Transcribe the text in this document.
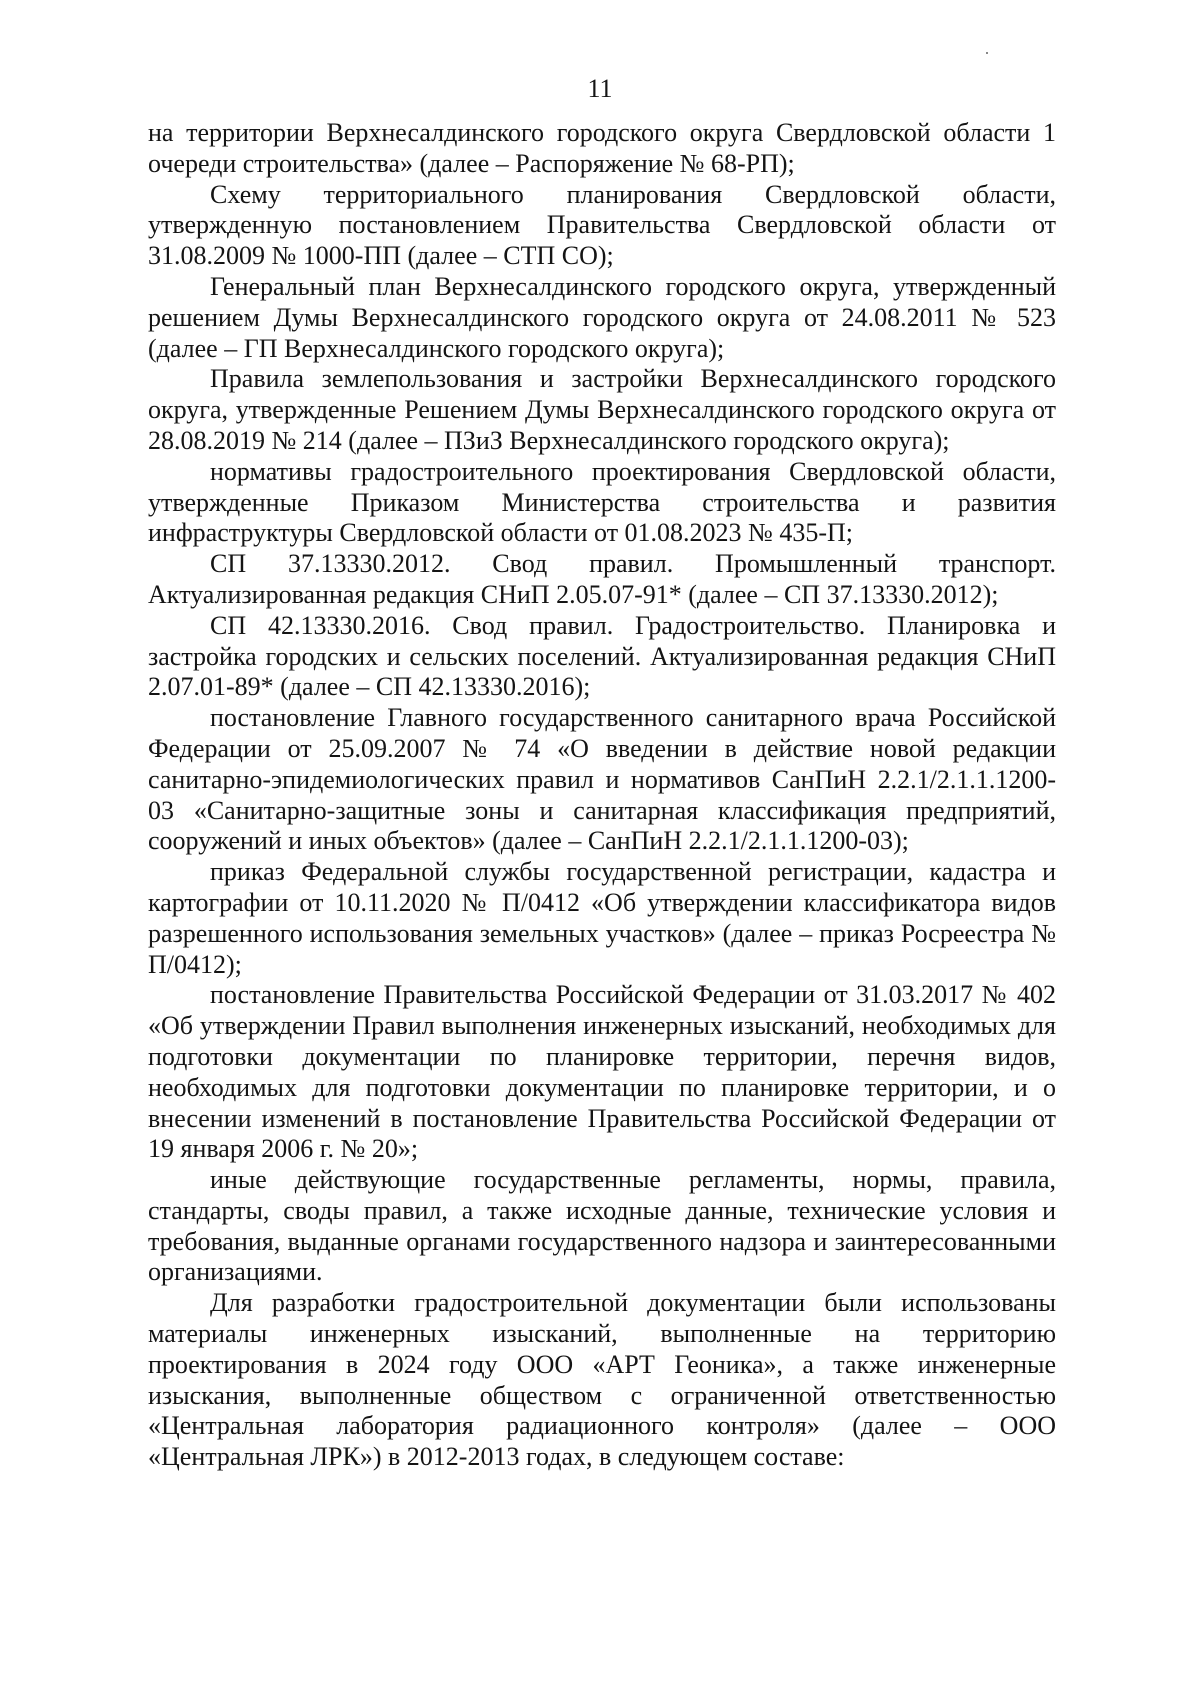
11

на территории Верхнесалдинского городского округа Свердловской области 1 очереди строительства» (далее – Распоряжение № 68-РП);

Схему территориального планирования Свердловской области, утвержденную постановлением Правительства Свердловской области от 31.08.2009 № 1000-ПП (далее – СТП СО);

Генеральный план Верхнесалдинского городского округа, утвержденный решением Думы Верхнесалдинского городского округа от 24.08.2011 № 523 (далее – ГП Верхнесалдинского городского округа);

Правила землепользования и застройки Верхнесалдинского городского округа, утвержденные Решением Думы Верхнесалдинского городского округа от 28.08.2019 № 214 (далее – ПЗиЗ Верхнесалдинского городского округа);

нормативы градостроительного проектирования Свердловской области, утвержденные Приказом Министерства строительства и развития инфраструктуры Свердловской области от 01.08.2023 № 435-П;

СП 37.13330.2012. Свод правил. Промышленный транспорт. Актуализированная редакция СНиП 2.05.07-91* (далее – СП 37.13330.2012);

СП 42.13330.2016. Свод правил. Градостроительство. Планировка и застройка городских и сельских поселений. Актуализированная редакция СНиП 2.07.01-89* (далее – СП 42.13330.2016);

постановление Главного государственного санитарного врача Российской Федерации от 25.09.2007 № 74 «О введении в действие новой редакции санитарно-эпидемиологических правил и нормативов СанПиН 2.2.1/2.1.1.1200-03 «Санитарно-защитные зоны и санитарная классификация предприятий, сооружений и иных объектов» (далее – СанПиН 2.2.1/2.1.1.1200-03);

приказ Федеральной службы государственной регистрации, кадастра и картографии от 10.11.2020 № П/0412 «Об утверждении классификатора видов разрешенного использования земельных участков» (далее – приказ Росреестра № П/0412);

постановление Правительства Российской Федерации от 31.03.2017 № 402 «Об утверждении Правил выполнения инженерных изысканий, необходимых для подготовки документации по планировке территории, перечня видов, необходимых для подготовки документации по планировке территории, и о внесении изменений в постановление Правительства Российской Федерации от 19 января 2006 г. № 20»;

иные действующие государственные регламенты, нормы, правила, стандарты, своды правил, а также исходные данные, технические условия и требования, выданные органами государственного надзора и заинтересованными организациями.

Для разработки градостроительной документации были использованы материалы инженерных изысканий, выполненные на территорию проектирования в 2024 году ООО «АРТ Геоника», а также инженерные изыскания, выполненные обществом с ограниченной ответственностью «Центральная лаборатория радиационного контроля» (далее – ООО «Центральная ЛРК») в 2012-2013 годах, в следующем составе:
